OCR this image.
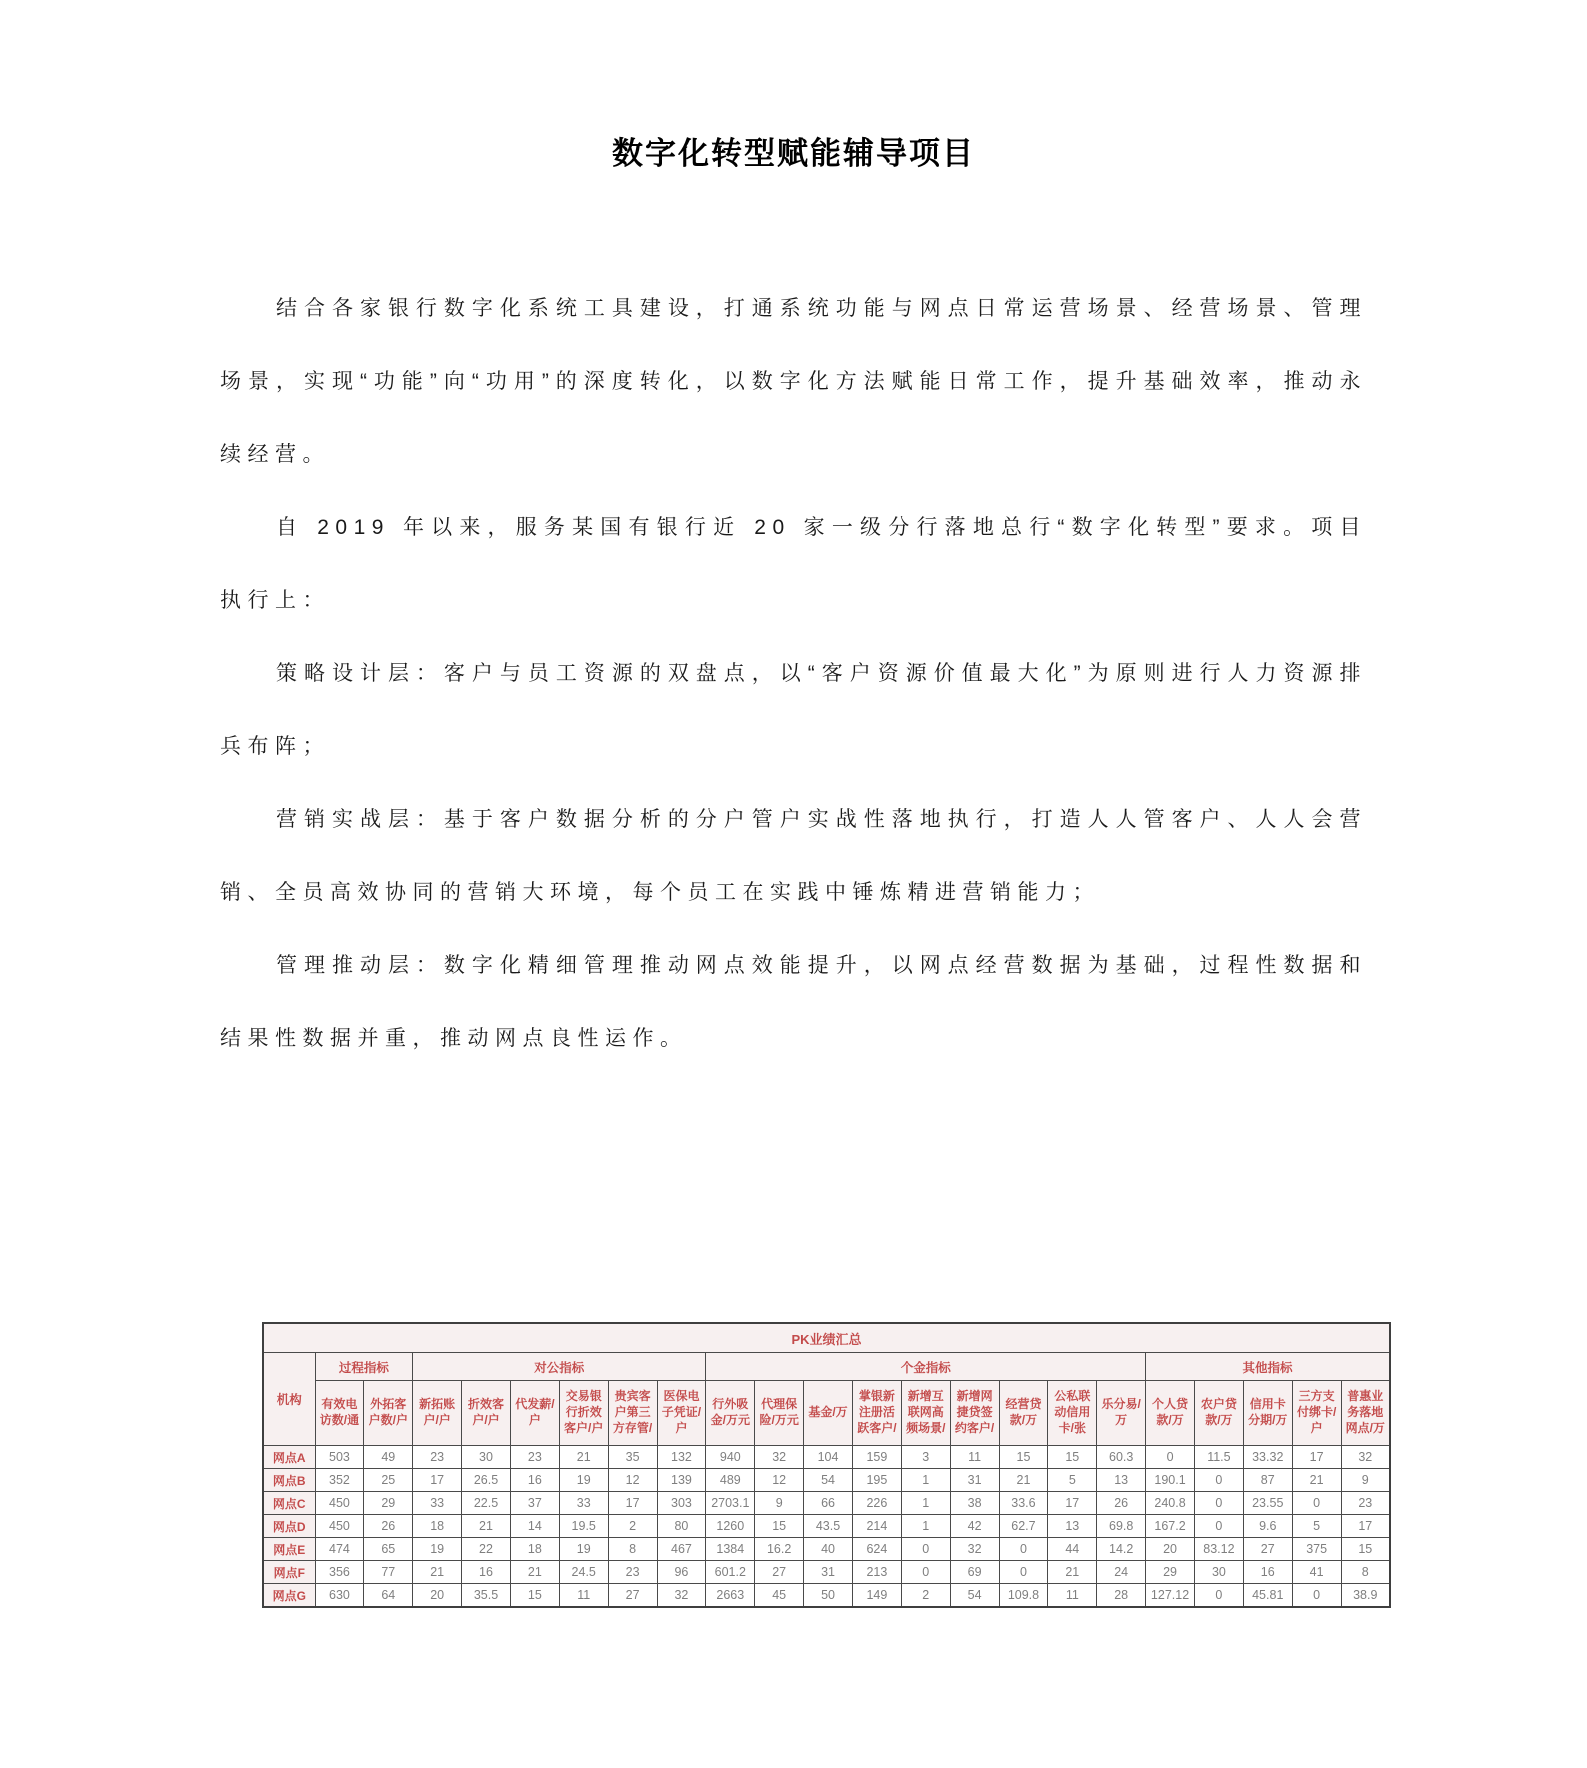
数字化转型赋能辅导项目

结合各家银行数字化系统工具建设，打通系统功能与网点日常运营场景、经营场景、管理场景，实现“功能”向“功用”的深度转化，以数字化方法赋能日常工作，提升基础效率，推动永续经营。

自 2019 年以来，服务某国有银行近 20 家一级分行落地总行“数字化转型”要求。项目执行上：

策略设计层：客户与员工资源的双盘点，以“客户资源价值最大化”为原则进行人力资源排兵布阵；

营销实战层：基于客户数据分析的分户管户实战性落地执行，打造人人管客户、人人会营销、全员高效协同的营销大环境，每个员工在实践中锤炼精进营销能力；

管理推动层：数字化精细管理推动网点效能提升，以网点经营数据为基础，过程性数据和结果性数据并重，推动网点良性运作。

PK业绩汇总																						
机构	过程指标		对公指标						个金指标									其他指标				
	有效电访数/通	外拓客户数/户	新拓账户/户	折效客户/户	代发薪/户	交易银行折效客户/户	贵宾客户第三方存管/	医保电子凭证/户	行外吸金/万元	代理保险/万元	基金/万	掌银新注册活跃客户/	新增互联网高频场景/	新增网捷贷签约客户/	经营贷款/万	公私联动信用卡/张	乐分易/万	个人贷款/万	农户贷款/万	信用卡分期/万	三方支付绑卡/户	普惠业务落地网点/万
网点A	503	49	23	30	23	21	35	132	940	32	104	159	3	11	15	15	60.3	0	11.5	33.32	17	32
网点B	352	25	17	26.5	16	19	12	139	489	12	54	195	1	31	21	5	13	190.1	0	87	21	9
网点C	450	29	33	22.5	37	33	17	303	2703.1	9	66	226	1	38	33.6	17	26	240.8	0	23.55	0	23
网点D	450	26	18	21	14	19.5	2	80	1260	15	43.5	214	1	42	62.7	13	69.8	167.2	0	9.6	5	17
网点E	474	65	19	22	18	19	8	467	1384	16.2	40	624	0	32	0	44	14.2	20	83.12	27	375	15
网点F	356	77	21	16	21	24.5	23	96	601.2	27	31	213	0	69	0	21	24	29	30	16	41	8
网点G	630	64	20	35.5	15	11	27	32	2663	45	50	149	2	54	109.8	11	28	127.12	0	45.81	0	38.9
